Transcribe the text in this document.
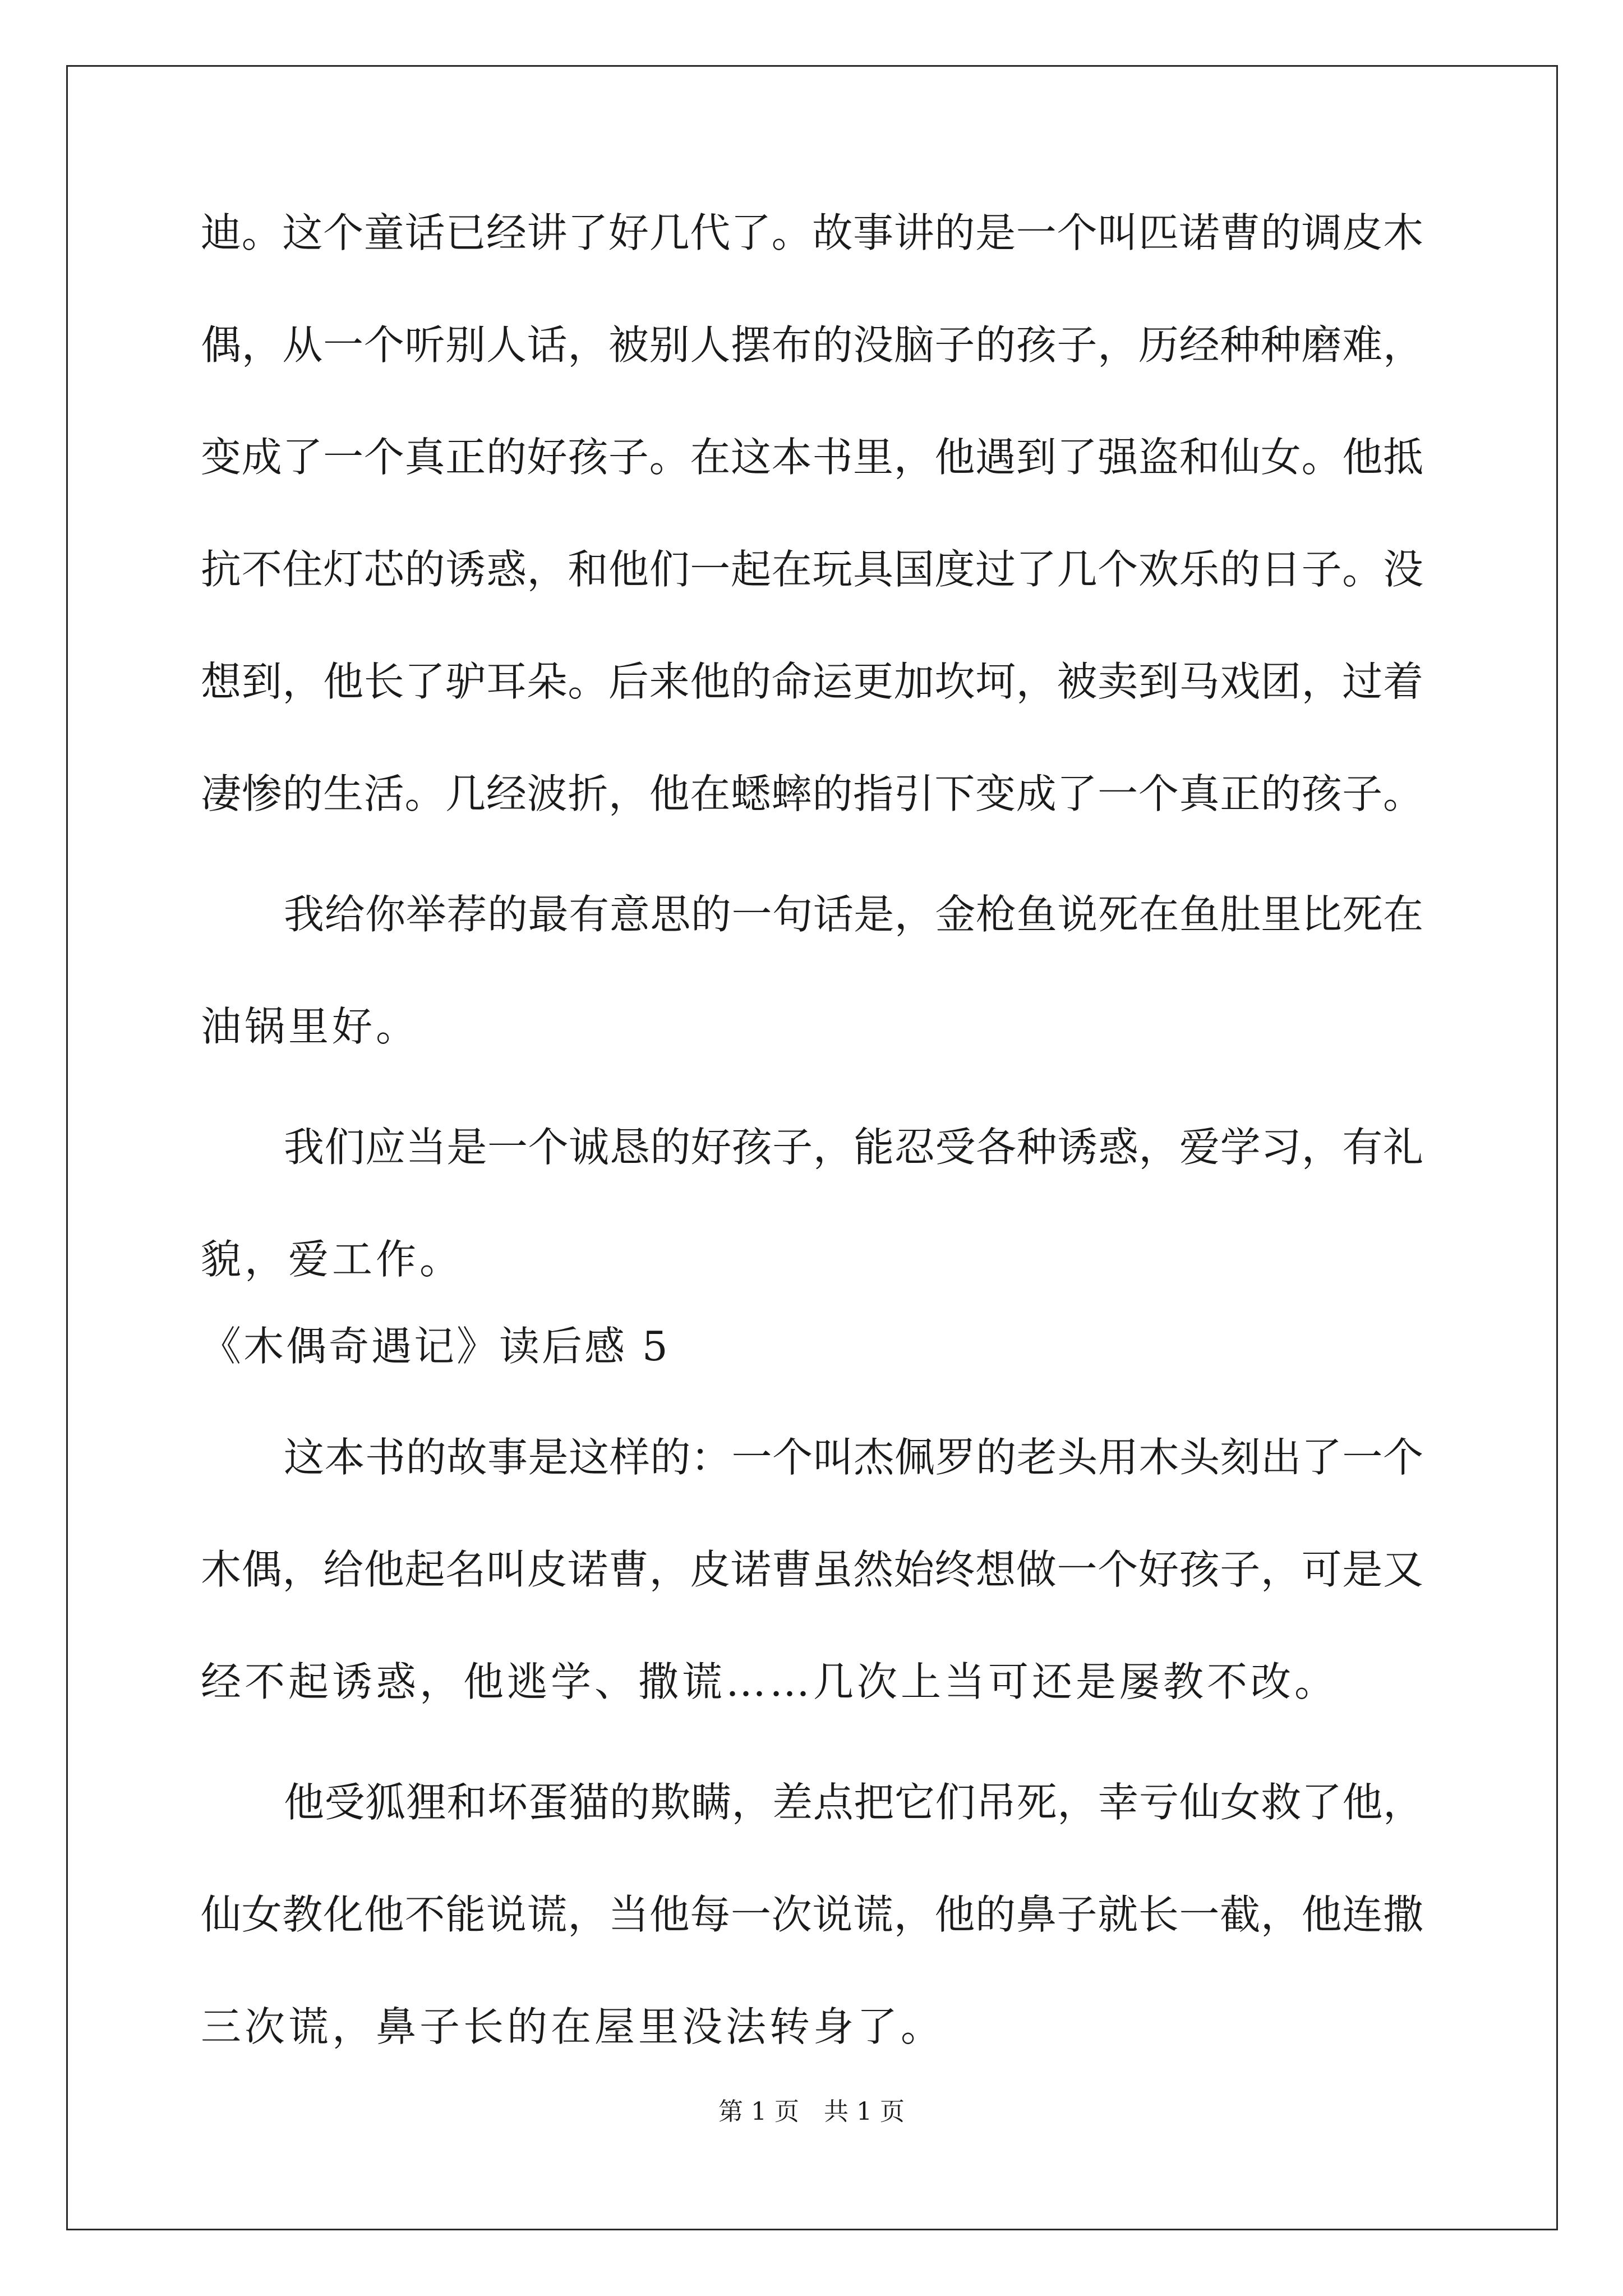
迪。这个童话已经讲了好几代了。故事讲的是一个叫匹诺曹的调皮木
偶，从一个听别人话，被别人摆布的没脑子的孩子，历经种种磨难，
变成了一个真正的好孩子。在这本书里，他遇到了强盗和仙女。他抵
抗不住灯芯的诱惑，和他们一起在玩具国度过了几个欢乐的日子。没
想到，他长了驴耳朵。后来他的命运更加坎坷，被卖到马戏团，过着
凄惨的生活。几经波折，他在蟋蟀的指引下变成了一个真正的孩子。
我给你举荐的最有意思的一句话是，金枪鱼说死在鱼肚里比死在
油锅里好。
我们应当是一个诚恳的好孩子，能忍受各种诱惑，爱学习，有礼
貌，爱工作。
《木偶奇遇记》读后感 5
这本书的故事是这样的：一个叫杰佩罗的老头用木头刻出了一个
木偶，给他起名叫皮诺曹，皮诺曹虽然始终想做一个好孩子，可是又
经不起诱惑，他逃学、撒谎……几次上当可还是屡教不改。
他受狐狸和坏蛋猫的欺瞒，差点把它们吊死，幸亏仙女救了他，
仙女教化他不能说谎，当他每一次说谎，他的鼻子就长一截，他连撒
三次谎，鼻子长的在屋里没法转身了。
第 1 页　共 1 页
